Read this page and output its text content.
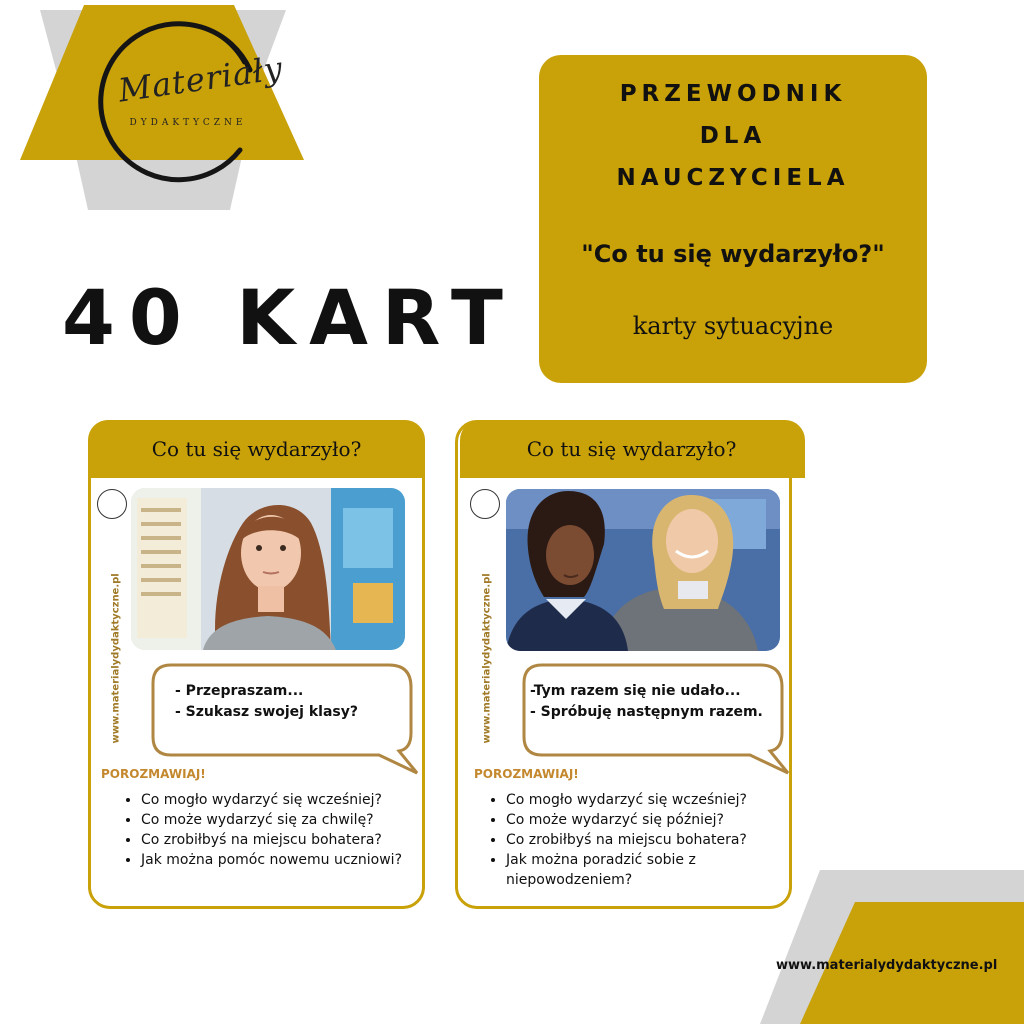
Materiały
DYDAKTYCZNE
PRZEWODNIK
DLA
NAUCZYCIELA
"Co tu się wydarzyło?"
karty sytuacyjne
40 KART
Co tu się wydarzyło?
www.materialydydaktyczne.pl	- Przepraszam...
- Szukasz swojej klasy?
POROZMAWIAJ!
• Co mogło wydarzyć się wcześniej?
• Co może wydarzyć się za chwilę?
• Co zrobiłbyś na miejscu bohatera?
• Jak można pomóc nowemu uczniowi?
Co tu się wydarzyło?
www.materialydydaktyczne.pl	-Tym razem się nie udało...
- Spróbuję następnym razem.
POROZMAWIAJ!
• Co mogło wydarzyć się wcześniej?
• Co może wydarzyć się później?
• Co zrobiłbyś na miejscu bohatera?
• Jak można poradzić sobie z niepowodzeniem?
www.materialydydaktyczne.pl
